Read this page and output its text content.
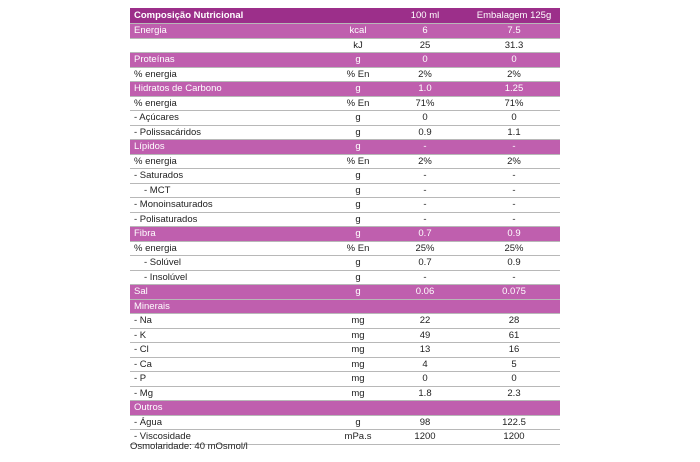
Composição Nutricional		100 ml	Embalagem 125g
Energia	kcal	6	7.5
	kJ	25	31.3
Proteínas	g	0	0
% energia	% En	2%	2%
Hidratos de Carbono	g	1.0	1.25
% energia	% En	71%	71%
- Açúcares	g	0	0
- Polissacáridos	g	0.9	1.1
Lípidos	g	-	-
% energia	% En	2%	2%
- Saturados	g	-	-
- MCT	g	-	-
- Monoinsaturados	g	-	-
- Polisaturados	g	-	-
Fibra	g	0.7	0.9
% energia	% En	25%	25%
- Solúvel	g	0.7	0.9
- Insolúvel	g	-	-
Sal	g	0.06	0.075
Minerais			
- Na	mg	22	28
- K	mg	49	61
- Cl	mg	13	16
- Ca	mg	4	5
- P	mg	0	0
- Mg	mg	1.8	2.3
Outros			
- Água	g	98	122.5
- Viscosidade	mPa.s	1200	1200
Osmolaridade: 40 mOsmol/l
